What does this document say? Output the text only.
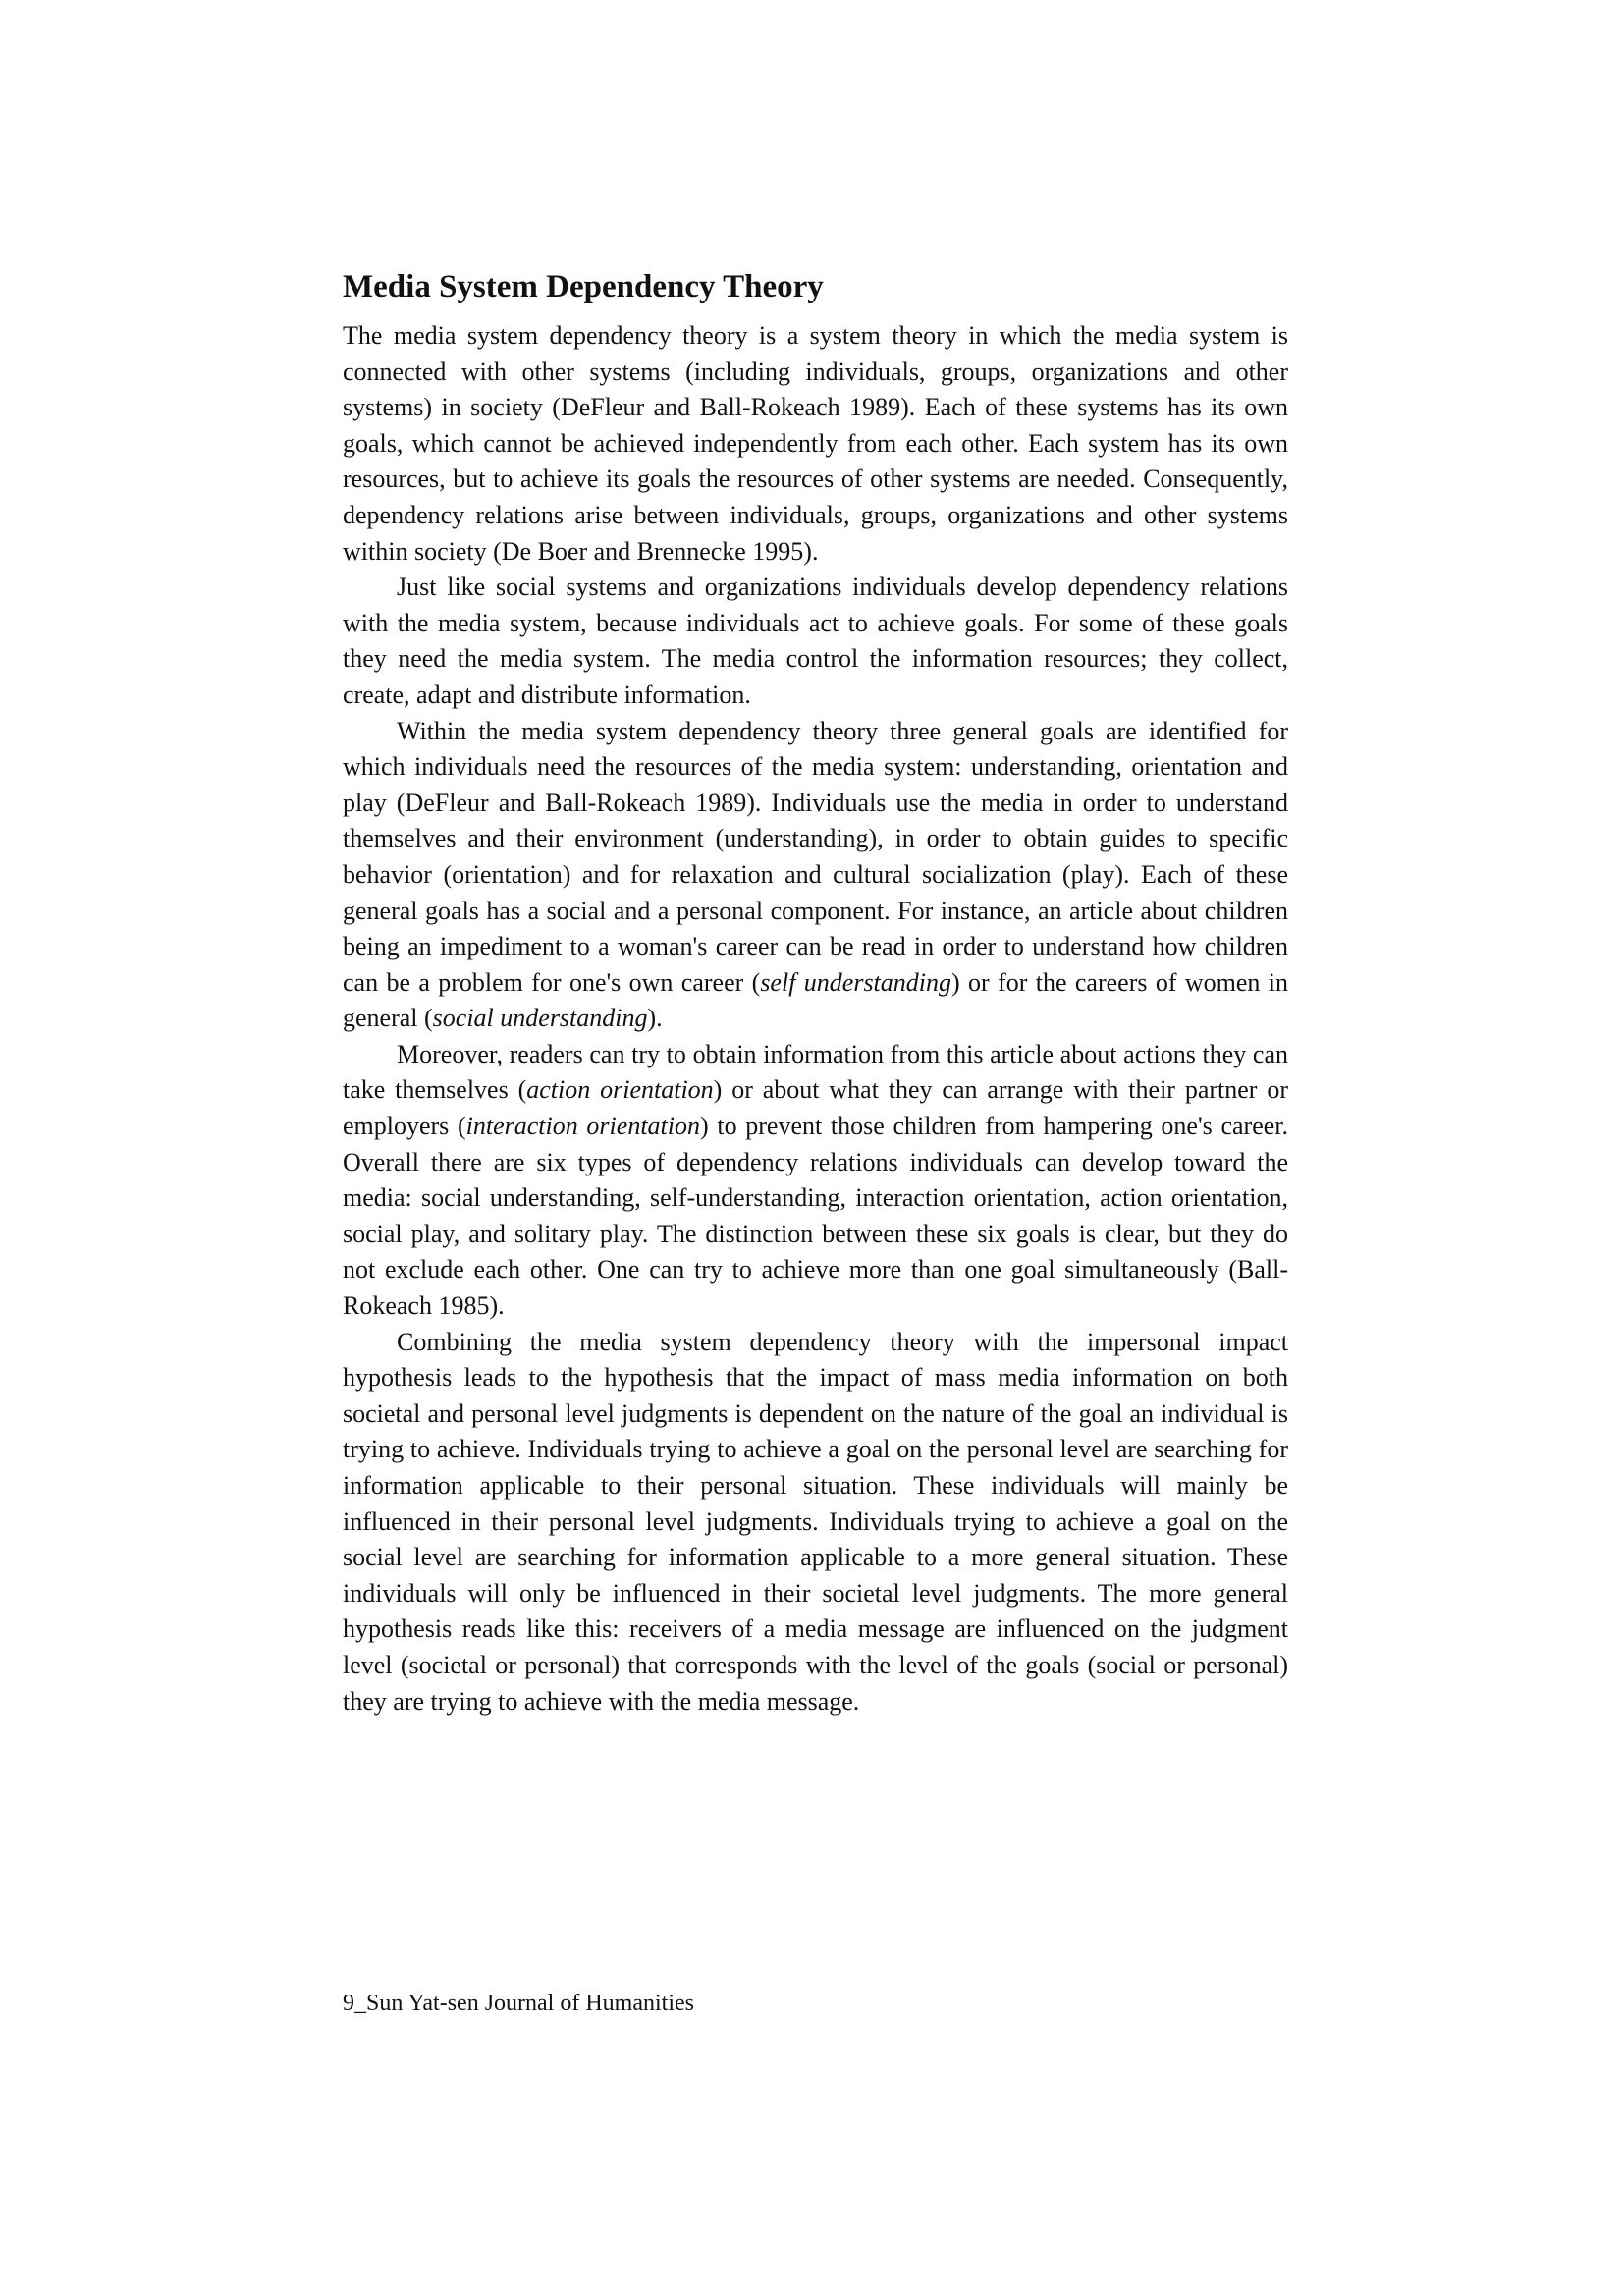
Media System Dependency Theory

The media system dependency theory is a system theory in which the media system is connected with other systems (including individuals, groups, organizations and other systems) in society (DeFleur and Ball-Rokeach 1989). Each of these systems has its own goals, which cannot be achieved independently from each other. Each system has its own resources, but to achieve its goals the resources of other systems are needed. Consequently, dependency relations arise between individuals, groups, organizations and other systems within society (De Boer and Brennecke 1995).

Just like social systems and organizations individuals develop dependency relations with the media system, because individuals act to achieve goals. For some of these goals they need the media system. The media control the information resources; they collect, create, adapt and distribute information.

Within the media system dependency theory three general goals are identified for which individuals need the resources of the media system: understanding, orientation and play (DeFleur and Ball-Rokeach 1989). Individuals use the media in order to understand themselves and their environment (understanding), in order to obtain guides to specific behavior (orientation) and for relaxation and cultural socialization (play). Each of these general goals has a social and a personal component. For instance, an article about children being an impediment to a woman's career can be read in order to understand how children can be a problem for one's own career (self understanding) or for the careers of women in general (social understanding).

Moreover, readers can try to obtain information from this article about actions they can take themselves (action orientation) or about what they can arrange with their partner or employers (interaction orientation) to prevent those children from hampering one's career. Overall there are six types of dependency relations individuals can develop toward the media: social understanding, self-understanding, interaction orientation, action orientation, social play, and solitary play. The distinction between these six goals is clear, but they do not exclude each other. One can try to achieve more than one goal simultaneously (Ball-Rokeach 1985).

Combining the media system dependency theory with the impersonal impact hypothesis leads to the hypothesis that the impact of mass media information on both societal and personal level judgments is dependent on the nature of the goal an individual is trying to achieve. Individuals trying to achieve a goal on the personal level are searching for information applicable to their personal situation. These individuals will mainly be influenced in their personal level judgments. Individuals trying to achieve a goal on the social level are searching for information applicable to a more general situation. These individuals will only be influenced in their societal level judgments. The more general hypothesis reads like this: receivers of a media message are influenced on the judgment level (societal or personal) that corresponds with the level of the goals (social or personal) they are trying to achieve with the media message.

9_Sun Yat-sen Journal of Humanities
